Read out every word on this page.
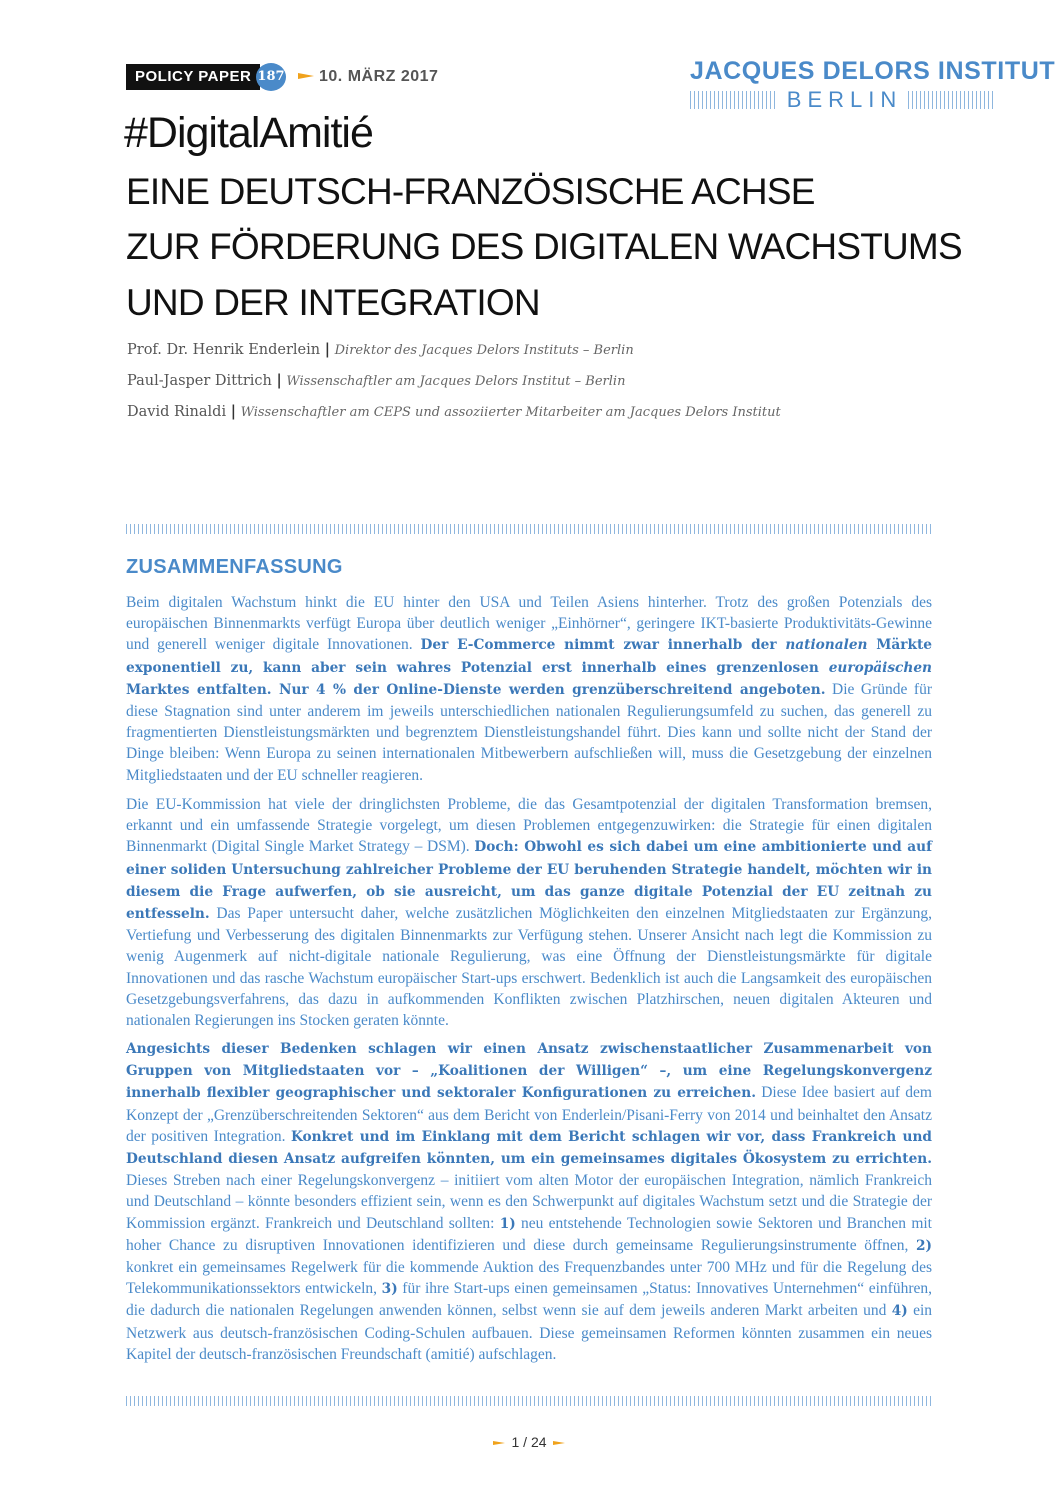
POLICY PAPER 187 10. MÄRZ 2017	JACQUES DELORS INSTITUT
BERLIN
#DigitalAmitié
EINE DEUTSCH-FRANZÖSISCHE ACHSE
ZUR FÖRDERUNG DES DIGITALEN WACHSTUMS
UND DER INTEGRATION
Prof. Dr. Henrik Enderlein | Direktor des Jacques Delors Instituts – Berlin
Paul-Jasper Dittrich | Wissenschaftler am Jacques Delors Institut – Berlin
David Rinaldi | Wissenschaftler am CEPS und assoziierter Mitarbeiter am Jacques Delors Institut
ZUSAMMENFASSUNG

Beim digitalen Wachstum hinkt die EU hinter den USA und Teilen Asiens hinterher. Trotz des großen Potenzials des europäischen Binnenmarkts verfügt Europa über deutlich weniger „Einhörner“, geringere IKT-basierte Produktivitäts-Gewinne und generell weniger digitale Innovationen. Der E-Commerce nimmt zwar innerhalb der nationalen Märkte exponentiell zu, kann aber sein wahres Potenzial erst innerhalb eines grenzenlosen europäischen Marktes entfalten. Nur 4 % der Online-Dienste werden grenzüberschreitend angeboten. Die Gründe für diese Stagnation sind unter anderem im jeweils unterschiedlichen nationalen Regulierungsumfeld zu suchen, das generell zu fragmentierten Dienstleistungsmärkten und begrenztem Dienstleistungshandel führt. Dies kann und sollte nicht der Stand der Dinge bleiben: Wenn Europa zu seinen internationalen Mitbewerbern aufschließen will, muss die Gesetzgebung der einzelnen Mitgliedstaaten und der EU schneller reagieren.

Die EU-Kommission hat viele der dringlichsten Probleme, die das Gesamtpotenzial der digitalen Transformation bremsen, erkannt und ein umfassende Strategie vorgelegt, um diesen Problemen entgegenzuwirken: die Strategie für einen digitalen Binnenmarkt (Digital Single Market Strategy – DSM). Doch: Obwohl es sich dabei um eine ambitionierte und auf einer soliden Untersuchung zahlreicher Probleme der EU beruhenden Strategie handelt, möchten wir in diesem die Frage aufwerfen, ob sie ausreicht, um das ganze digitale Potenzial der EU zeitnah zu entfesseln. Das Paper untersucht daher, welche zusätzlichen Möglichkeiten den einzelnen Mitgliedstaaten zur Ergänzung, Vertiefung und Verbesserung des digitalen Binnenmarkts zur Verfügung stehen. Unserer Ansicht nach legt die Kommission zu wenig Augenmerk auf nicht-digitale nationale Regulierung, was eine Öffnung der Dienstleistungsmärkte für digitale Innovationen und das rasche Wachstum europäischer Start-ups erschwert. Bedenklich ist auch die Langsamkeit des europäischen Gesetzgebungsverfahrens, das dazu in aufkommenden Konflikten zwischen Platzhirschen, neuen digitalen Akteuren und nationalen Regierungen ins Stocken geraten könnte.

Angesichts dieser Bedenken schlagen wir einen Ansatz zwischenstaatlicher Zusammenarbeit von Gruppen von Mitgliedstaaten vor – „Koalitionen der Willigen“ –, um eine Regelungskonvergenz innerhalb flexibler geographischer und sektoraler Konfigurationen zu erreichen. Diese Idee basiert auf dem Konzept der „Grenzüberschreitenden Sektoren“ aus dem Bericht von Enderlein/Pisani-Ferry von 2014 und beinhaltet den Ansatz der positiven Integration. Konkret und im Einklang mit dem Bericht schlagen wir vor, dass Frankreich und Deutschland diesen Ansatz aufgreifen könnten, um ein gemeinsames digitales Ökosystem zu errichten. Dieses Streben nach einer Regelungskonvergenz – initiiert vom alten Motor der europäischen Integration, nämlich Frankreich und Deutschland – könnte besonders effizient sein, wenn es den Schwerpunkt auf digitales Wachstum setzt und die Strategie der Kommission ergänzt. Frankreich und Deutschland sollten: 1) neu entstehende Technologien sowie Sektoren und Branchen mit hoher Chance zu disruptiven Innovationen identifizieren und diese durch gemeinsame Regulierungsinstrumente öffnen, 2) konkret ein gemeinsames Regelwerk für die kommende Auktion des Frequenzbandes unter 700 MHz und für die Regelung des Telekommunikationssektors entwickeln, 3) für ihre Start-ups einen gemeinsamen „Status: Innovatives Unternehmen“ einführen, die dadurch die nationalen Regelungen anwenden können, selbst wenn sie auf dem jeweils anderen Markt arbeiten und 4) ein Netzwerk aus deutsch-französischen Coding-Schulen aufbauen. Diese gemeinsamen Reformen könnten zusammen ein neues Kapitel der deutsch-französischen Freundschaft (amitié) aufschlagen.

1 / 24
